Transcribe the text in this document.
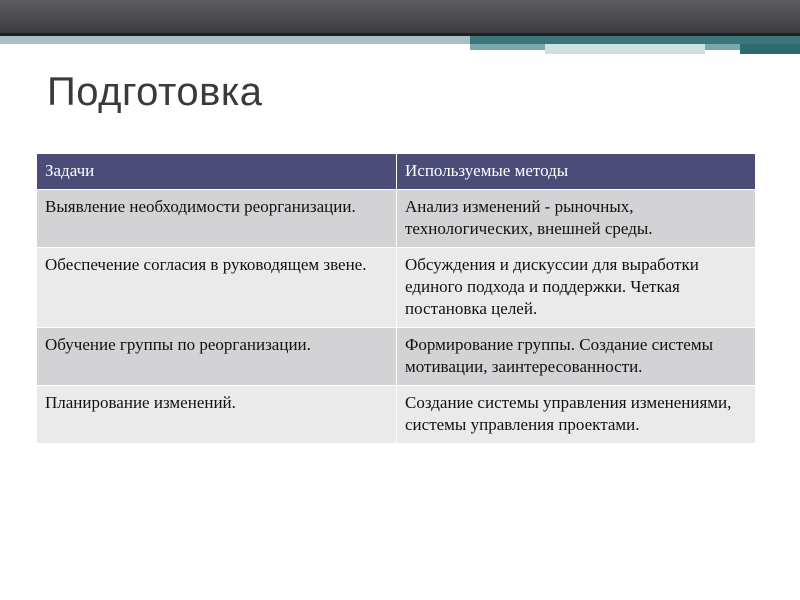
Подготовка
Задачи	Используемые методы
Выявление необходимости реорганизации.	Анализ изменений - рыночных, технологических, внешней среды.
Обеспечение согласия в руководящем звене.	Обсуждения и дискуссии для выработки единого подхода и поддержки. Четкая постановка целей.
Обучение группы по реорганизации.	Формирование группы. Создание системы мотивации, заинтересованности.
Планирование изменений.	Создание системы управления изменениями, системы управления проектами.
